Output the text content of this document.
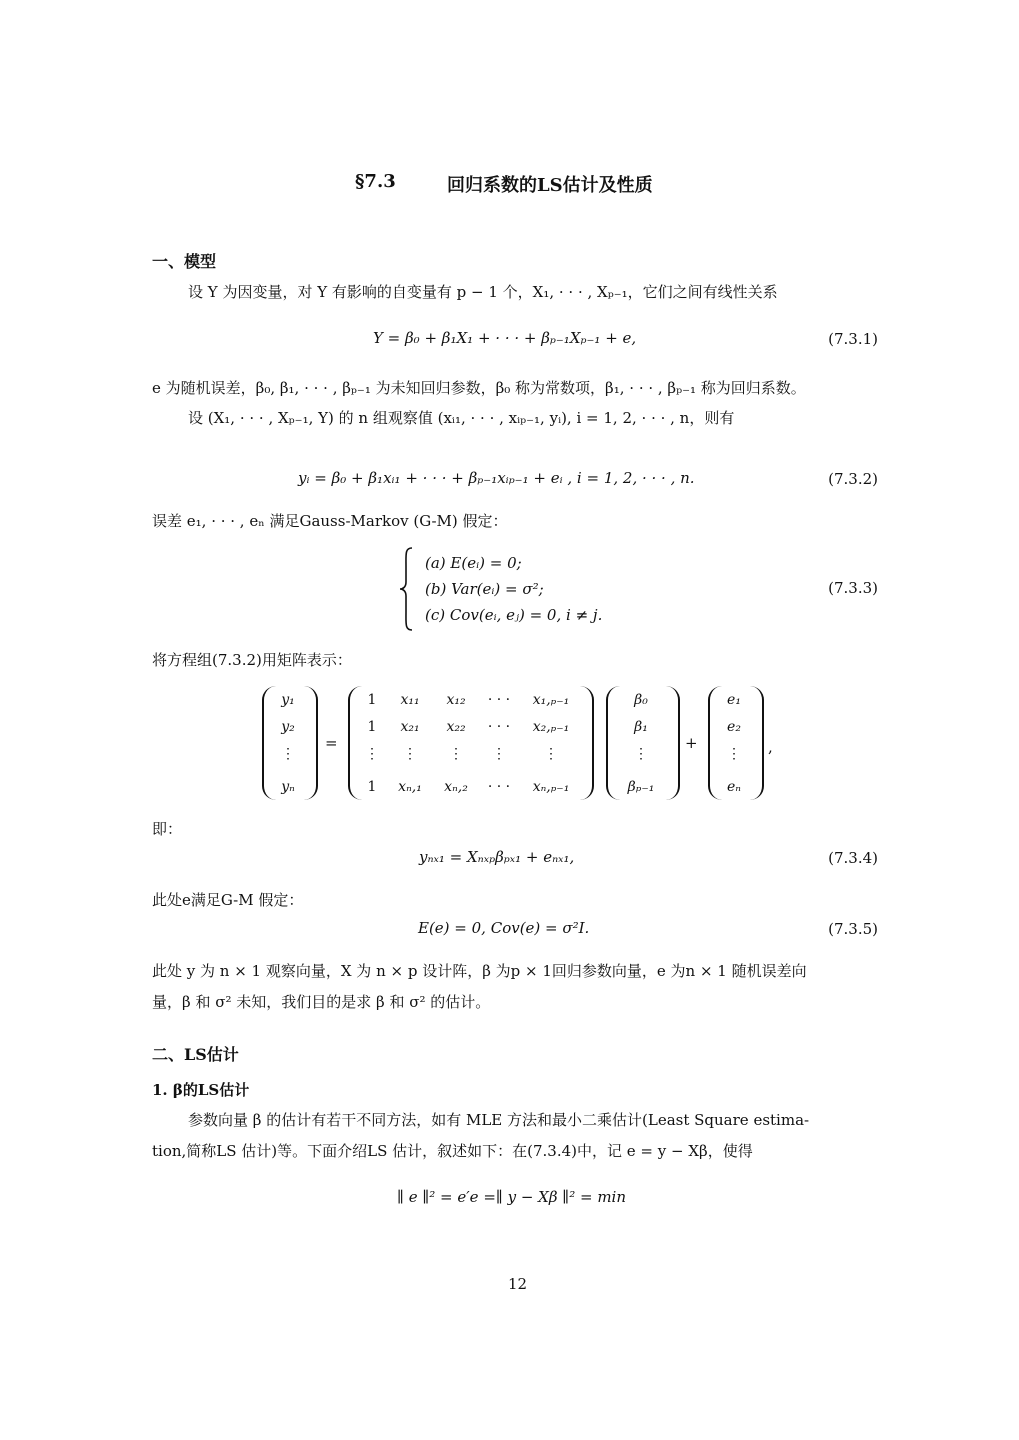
§7.3	回归系数的LS估计及性质
一、模型
设 Y 为因变量，对 Y 有影响的自变量有 p − 1 个，X₁, · · · , Xₚ₋₁，它们之间有线性关系
Y = β₀ + β₁X₁ + · · · + βₚ₋₁Xₚ₋₁ + e,	(7.3.1)
e 为随机误差，β₀, β₁, · · · , βₚ₋₁ 为未知回归参数，β₀ 称为常数项，β₁, · · · , βₚ₋₁ 称为回归系数。
设 (X₁, · · · , Xₚ₋₁, Y) 的 n 组观察值 (xᵢ₁, · · · , xᵢₚ₋₁, yᵢ), i = 1, 2, · · · , n，则有
yᵢ = β₀ + β₁xᵢ₁ + · · · + βₚ₋₁xᵢₚ₋₁ + eᵢ , i = 1, 2, · · · , n.	(7.3.2)
误差 e₁, · · · , eₙ 满足Gauss-Markov (G-M) 假定：
(a) E(eᵢ) = 0;
(b) Var(eᵢ) = σ²;
(c) Cov(eᵢ, eⱼ) = 0, i ≠ j.
(7.3.3)
将方程组(7.3.2)用矩阵表示：
y₁
y₂
⋮
yₙ
=
1	x₁₁	x₁₂	· · ·	x₁,ₚ₋₁
1	x₂₁	x₂₂	· · ·	x₂,ₚ₋₁
⋮	⋮	⋮	⋮	⋮
1	xₙ,₁	xₙ,₂	· · ·	xₙ,ₚ₋₁
β₀
β₁
⋮
βₚ₋₁
+
e₁
e₂
⋮
eₙ
,
即：
yₙₓ₁ = Xₙₓₚβₚₓ₁ + eₙₓ₁,	(7.3.4)
此处e满足G-M 假定：
E(e) = 0, Cov(e) = σ²I.	(7.3.5)
此处 y 为 n × 1 观察向量，X 为 n × p 设计阵，β 为p × 1回归参数向量，e 为n × 1 随机误差向
量，β 和 σ² 未知，我们目的是求 β 和 σ² 的估计。
二、LS估计
1. β的LS估计
参数向量 β 的估计有若干不同方法，如有 MLE 方法和最小二乘估计(Least Square estima-
tion,简称LS 估计)等。下面介绍LS 估计，叙述如下：在(7.3.4)中，记 e = y − Xβ，使得
∥ e ∥² = e′e =∥ y − Xβ ∥² = min
12
